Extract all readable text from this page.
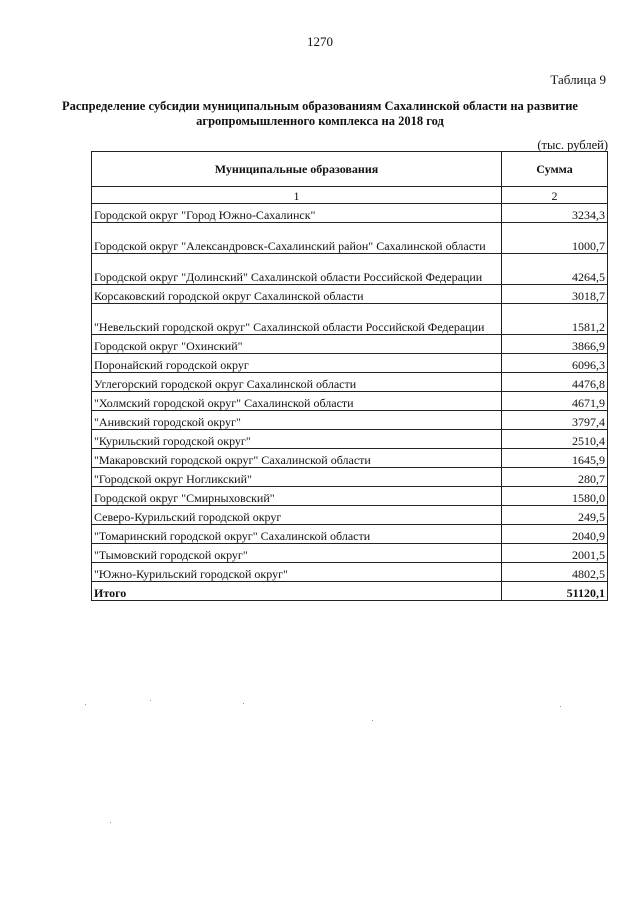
1270
Таблица 9
Распределение субсидии муниципальным образованиям Сахалинской области на развитие агропромышленного комплекса на 2018 год
(тыс. рублей)
Муниципальные образования	Сумма
1	2
Городской округ "Город Южно-Сахалинск"	3234,3
Городской округ "Александровск-Сахалинский район" Сахалинской области	1000,7
Городской округ "Долинский" Сахалинской области Российской Федерации	4264,5
Корсаковский городской округ Сахалинской области	3018,7
"Невельский городской округ" Сахалинской области Российской Федерации	1581,2
Городской округ "Охинский"	3866,9
Поронайский городской округ	6096,3
Углегорский городской округ Сахалинской области	4476,8
"Холмский городской округ" Сахалинской области	4671,9
"Анивский городской округ"	3797,4
"Курильский городской округ"	2510,4
"Макаровский городской округ" Сахалинской области	1645,9
"Городской округ Ногликский"	280,7
Городской округ "Смирныховский"	1580,0
Северо-Курильский городской округ	249,5
"Томаринский городской округ" Сахалинской области	2040,9
"Тымовский городской округ"	2001,5
"Южно-Курильский городской округ"	4802,5
Итого	51120,1
